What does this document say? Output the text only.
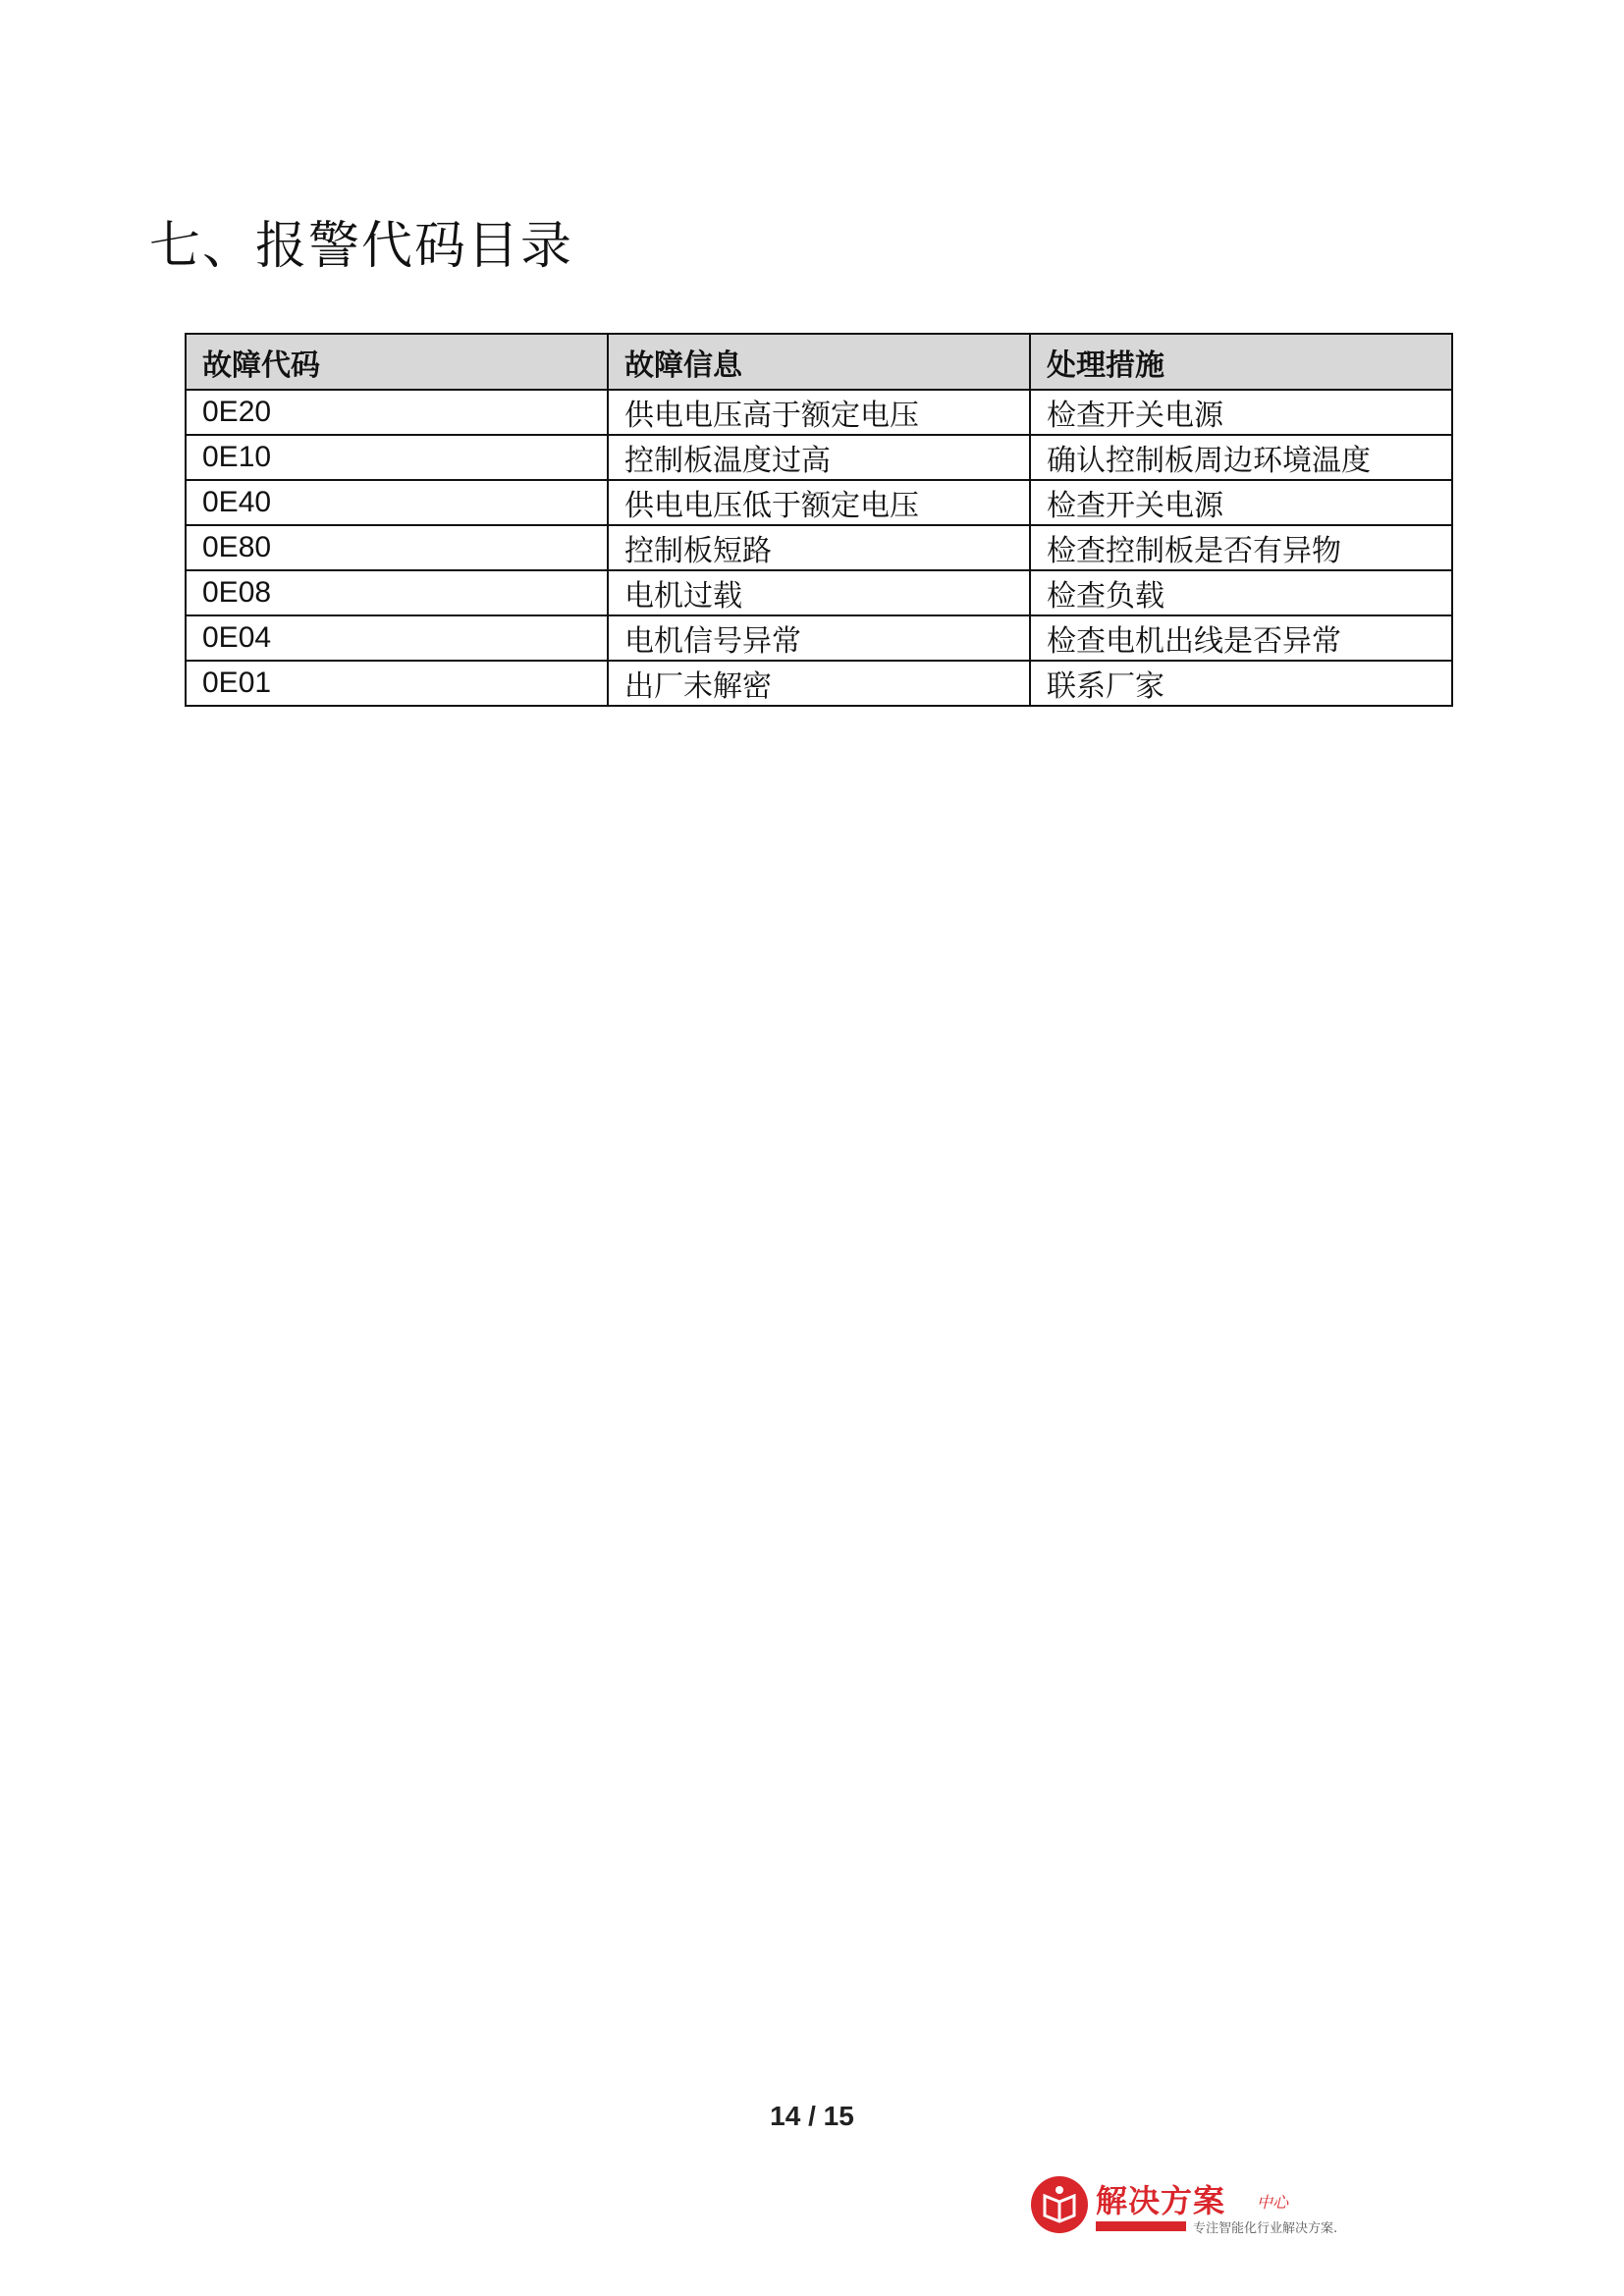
七、报警代码目录
故障代码	故障信息	处理措施
0E20	供电电压高于额定电压	检查开关电源
0E10	控制板温度过高	确认控制板周边环境温度
0E40	供电电压低于额定电压	检查开关电源
0E80	控制板短路	检查控制板是否有异物
0E08	电机过载	检查负载
0E04	电机信号异常	检查电机出线是否异常
0E01	出厂未解密	联系厂家
14 / 15
解决方案 中心
专注智能化行业解决方案.
